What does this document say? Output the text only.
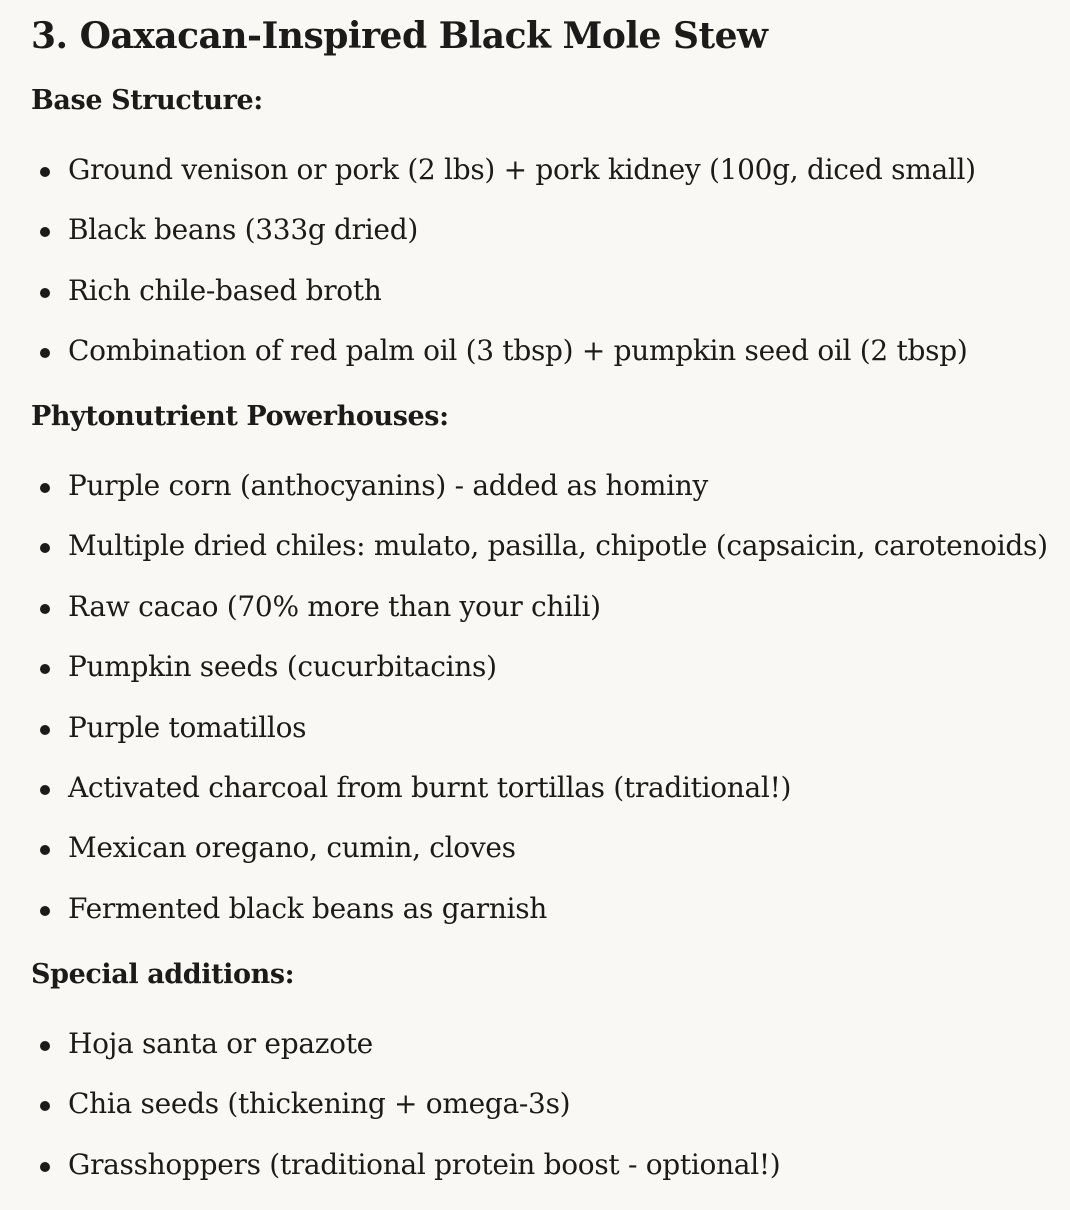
3. Oaxacan-Inspired Black Mole Stew
Base Structure:
Ground venison or pork (2 lbs) + pork kidney (100g, diced small)
Black beans (333g dried)
Rich chile-based broth
Combination of red palm oil (3 tbsp) + pumpkin seed oil (2 tbsp)
Phytonutrient Powerhouses:
Purple corn (anthocyanins) - added as hominy
Multiple dried chiles: mulato, pasilla, chipotle (capsaicin, carotenoids)
Raw cacao (70% more than your chili)
Pumpkin seeds (cucurbitacins)
Purple tomatillos
Activated charcoal from burnt tortillas (traditional!)
Mexican oregano, cumin, cloves
Fermented black beans as garnish
Special additions:
Hoja santa or epazote
Chia seeds (thickening + omega-3s)
Grasshoppers (traditional protein boost - optional!)
